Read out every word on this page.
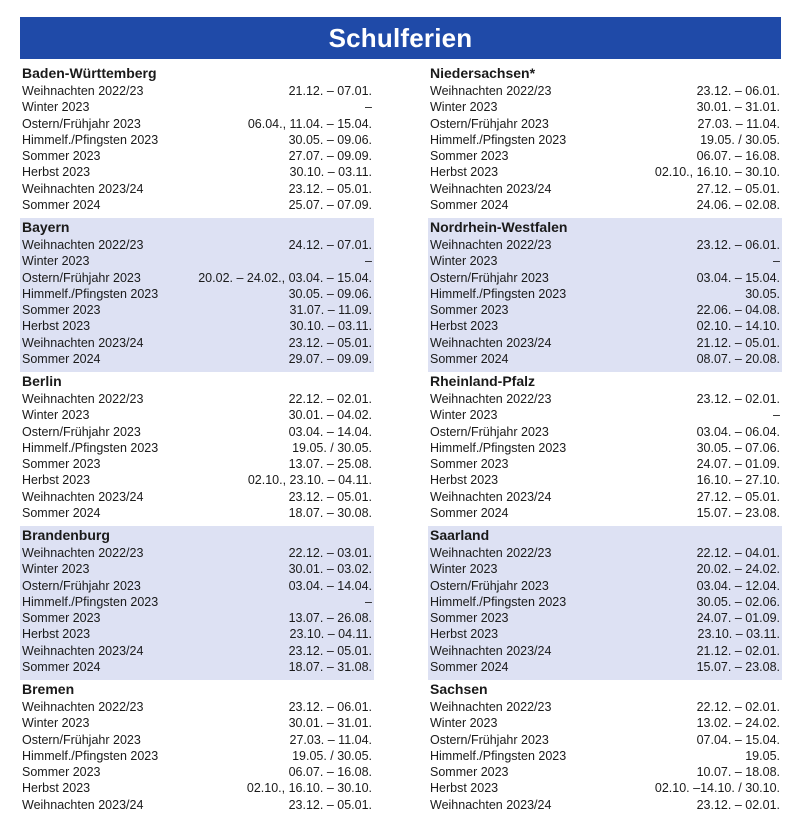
Schulferien
Baden-Württemberg
Weihnachten 2022/23	21.12. – 07.01.
Winter 2023	–
Ostern/Frühjahr 2023	06.04., 11.04. – 15.04.
Himmelf./Pfingsten 2023	30.05. – 09.06.
Sommer 2023	27.07. – 09.09.
Herbst 2023	30.10. – 03.11.
Weihnachten 2023/24	23.12. – 05.01.
Sommer 2024	25.07. – 07.09.
Bayern
Weihnachten 2022/23	24.12. – 07.01.
Winter 2023	–
Ostern/Frühjahr 2023	20.02. – 24.02., 03.04. – 15.04.
Himmelf./Pfingsten 2023	30.05. – 09.06.
Sommer 2023	31.07. – 11.09.
Herbst 2023	30.10. – 03.11.
Weihnachten 2023/24	23.12. – 05.01.
Sommer 2024	29.07. – 09.09.
Berlin
Weihnachten 2022/23	22.12. – 02.01.
Winter 2023	30.01. – 04.02.
Ostern/Frühjahr 2023	03.04. – 14.04.
Himmelf./Pfingsten 2023	19.05. / 30.05.
Sommer 2023	13.07. – 25.08.
Herbst 2023	02.10., 23.10. – 04.11.
Weihnachten 2023/24	23.12. – 05.01.
Sommer 2024	18.07. – 30.08.
Brandenburg
Weihnachten 2022/23	22.12. – 03.01.
Winter 2023	30.01. – 03.02.
Ostern/Frühjahr 2023	03.04. – 14.04.
Himmelf./Pfingsten 2023	–
Sommer 2023	13.07. – 26.08.
Herbst 2023	23.10. – 04.11.
Weihnachten 2023/24	23.12. – 05.01.
Sommer 2024	18.07. – 31.08.
Bremen
Weihnachten 2022/23	23.12. – 06.01.
Winter 2023	30.01. – 31.01.
Ostern/Frühjahr 2023	27.03. – 11.04.
Himmelf./Pfingsten 2023	19.05. / 30.05.
Sommer 2023	06.07. – 16.08.
Herbst 2023	02.10., 16.10. – 30.10.
Weihnachten 2023/24	23.12. – 05.01.
Niedersachsen*
Weihnachten 2022/23	23.12. – 06.01.
Winter 2023	30.01. – 31.01.
Ostern/Frühjahr 2023	27.03. – 11.04.
Himmelf./Pfingsten 2023	19.05. / 30.05.
Sommer 2023	06.07. – 16.08.
Herbst 2023	02.10., 16.10. – 30.10.
Weihnachten 2023/24	27.12. – 05.01.
Sommer 2024	24.06. – 02.08.
Nordrhein-Westfalen
Weihnachten 2022/23	23.12. – 06.01.
Winter 2023	–
Ostern/Frühjahr 2023	03.04. – 15.04.
Himmelf./Pfingsten 2023	30.05.
Sommer 2023	22.06. – 04.08.
Herbst 2023	02.10. – 14.10.
Weihnachten 2023/24	21.12. – 05.01.
Sommer 2024	08.07. – 20.08.
Rheinland-Pfalz
Weihnachten 2022/23	23.12. – 02.01.
Winter 2023	–
Ostern/Frühjahr 2023	03.04. – 06.04.
Himmelf./Pfingsten 2023	30.05. – 07.06.
Sommer 2023	24.07. – 01.09.
Herbst 2023	16.10. – 27.10.
Weihnachten 2023/24	27.12. – 05.01.
Sommer 2024	15.07. – 23.08.
Saarland
Weihnachten 2022/23	22.12. – 04.01.
Winter 2023	20.02. – 24.02.
Ostern/Frühjahr 2023	03.04. – 12.04.
Himmelf./Pfingsten 2023	30.05. – 02.06.
Sommer 2023	24.07. – 01.09.
Herbst 2023	23.10. – 03.11.
Weihnachten 2023/24	21.12. – 02.01.
Sommer 2024	15.07. – 23.08.
Sachsen
Weihnachten 2022/23	22.12. – 02.01.
Winter 2023	13.02. – 24.02.
Ostern/Frühjahr 2023	07.04. – 15.04.
Himmelf./Pfingsten 2023	19.05.
Sommer 2023	10.07. – 18.08.
Herbst 2023	02.10. –14.10. / 30.10.
Weihnachten 2023/24	23.12. – 02.01.
